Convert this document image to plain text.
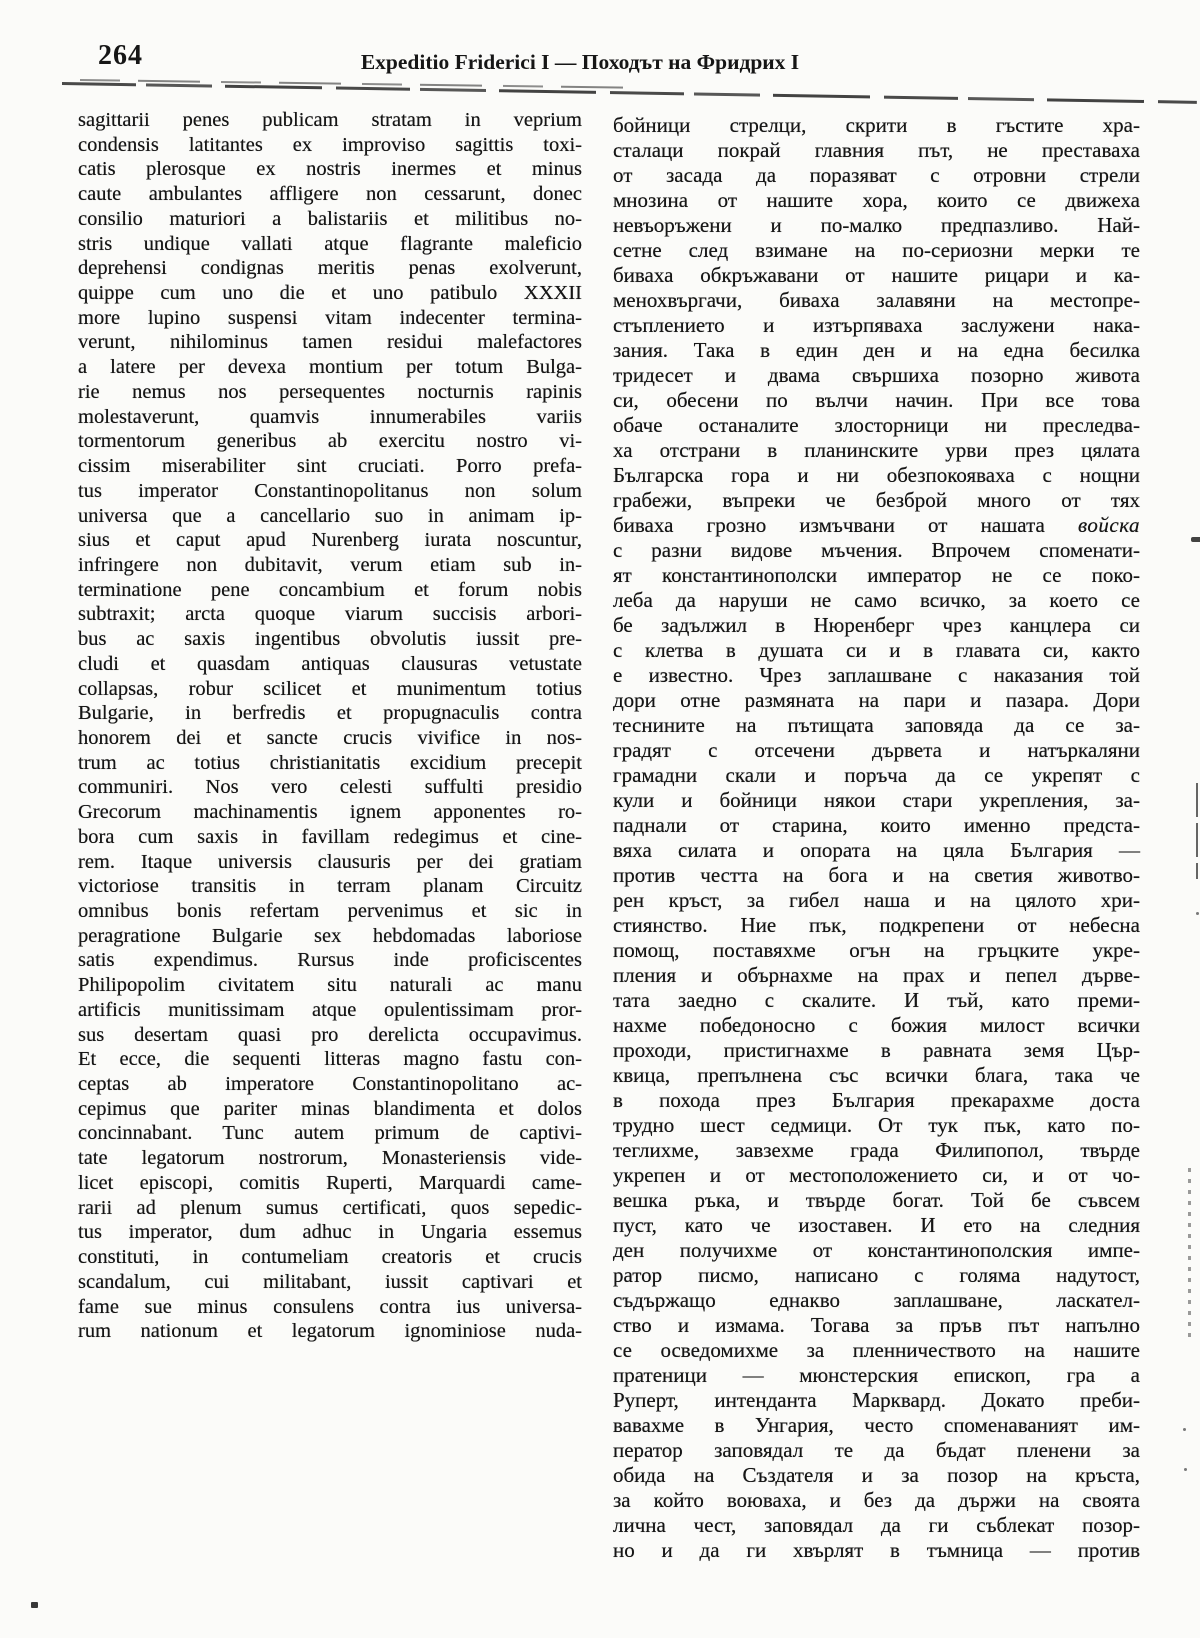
264	Expeditio Friderici I — Походът на Фридрих I
sagittarii penes publicam stratam in veprium
condensis latitantes ex improviso sagittis toxi-
catis plerosque ex nostris inermes et minus
caute ambulantes affligere non cessarunt, donec
consilio maturiori a balistariis et militibus no-
stris undique vallati atque flagrante maleficio
deprehensi condignas meritis penas exolverunt,
quippe cum uno die et uno patibulo XXXII
more lupino suspensi vitam indecenter termina-
verunt, nihilominus tamen residui malefactores
a latere per devexa montium per totum Bulga-
rie nemus nos persequentes nocturnis rapinis
molestaverunt, quamvis innumerabiles variis
tormentorum generibus ab exercitu nostro vi-
cissim miserabiliter sint cruciati. Porro prefa-
tus imperator Constantinopolitanus non solum
universa que a cancellario suo in animam ip-
sius et caput apud Nurenberg iurata noscuntur,
infringere non dubitavit, verum etiam sub in-
terminatione pene concambium et forum nobis
subtraxit; arcta quoque viarum succisis arbori-
bus ac saxis ingentibus obvolutis iussit pre-
cludi et quasdam antiquas clausuras vetustate
collapsas, robur scilicet et munimentum totius
Bulgarie, in berfredis et propugnaculis contra
honorem dei et sancte crucis vivifice in nos-
trum ac totius christianitatis excidium precepit
communiri. Nos vero celesti suffulti presidio
Grecorum machinamentis ignem apponentes ro-
bora cum saxis in favillam redegimus et cine-
rem. Itaque universis clausuris per dei gratiam
victoriose transitis in terram planam Circuitz
omnibus bonis refertam pervenimus et sic in
peragratione Bulgarie sex hebdomadas laboriose
satis expendimus. Rursus inde proficiscentes
Philipopolim civitatem situ naturali ac manu
artificis munitissimam atque opulentissimam pror-
sus desertam quasi pro derelicta occupavimus.
Et ecce, die sequenti litteras magno fastu con-
ceptas ab imperatore Constantinopolitano ac-
cepimus que pariter minas blandimenta et dolos
concinnabant. Tunc autem primum de captivi-
tate legatorum nostrorum, Monasteriensis vide-
licet episcopi, comitis Ruperti, Marquardi came-
rarii ad plenum sumus certificati, quos sepedic-
tus imperator, dum adhuc in Ungaria essemus
constituti, in contumeliam creatoris et crucis
scandalum, cui militabant, iussit captivari et
fame sue minus consulens contra ius universa-
rum nationum et legatorum ignominiose nuda-
бойници стрелци, скрити в гъстите хра-
сталаци покрай главния път, не преставаха
от засада да поразяват с отровни стрели
мнозина от нашите хора, които се движеха
невъоръжени и по-малко предпазливо. Най-
сетне след взимане на по-сериозни мерки те
биваха обкръжавани от нашите рицари и ка-
менохвъргачи, биваха залавяни на местопре-
стъплението и изтърпяваха заслужени нака-
зания. Така в един ден и на една бесилка
тридесет и двама свършиха позорно живота
си, обесени по вълчи начин. При все това
обаче останалите злосторници ни преследва-
ха отстрани в планинските урви през цялата
Българска гора и ни обезпокояваха с нощни
грабежи, въпреки че безброй много от тях
биваха грозно измъчвани от нашата войска
с разни видове мъчения. Впрочем споменати-
ят константинополски император не се поко-
леба да наруши не само всичко, за което се
бе задължил в Нюренберг чрез канцлера си
с клетва в душата си и в главата си, както
е известно. Чрез заплашване с наказания той
дори отне размяната на пари и пазара. Дори
теснините на пътищата заповяда да се за-
градят с отсечени дървета и натъркаляни
грамадни скали и поръча да се укрепят с
кули и бойници някои стари укрепления, за-
паднали от старина, които именно предста-
вяха силата и опората на цяла България —
против честта на бога и на светия животво-
рен кръст, за гибел наша и на цялото хри-
стиянство. Ние пък, подкрепени от небесна
помощ, поставяхме огън на гръцките укре-
пления и обърнахме на прах и пепел дърве-
тата заедно с скалите. И тъй, като преми-
нахме победоносно с божия милост всички
проходи, пристигнахме в равната земя Цър-
квица, препълнена със всички блага, така че
в похода през България прекарахме доста
трудно шест седмици. От тук пък, като по-
теглихме, завзехме града Филипопол, твърде
укрепен и от местоположението си, и от чо-
вешка ръка, и твърде богат. Той бе съвсем
пуст, като че изоставен. И ето на следния
ден получихме от константинополския импе-
ратор писмо, написано с голяма надутост,
съдържащо еднакво заплашване, ласкател-
ство и измама. Тогава за пръв път напълно
се осведомихме за пленничеството на нашите
пратеници — мюнстерския епископ, гра а
Руперт, интенданта Марквард. Докато преби-
вавахме в Унгария, често споменаваният им-
ператор заповядал те да бъдат пленени за
обида на Създателя и за позор на кръста,
за който воюваха, и без да държи на своята
лична чест, заповядал да ги съблекат позор-
но и да ги хвърлят в тъмница — против
